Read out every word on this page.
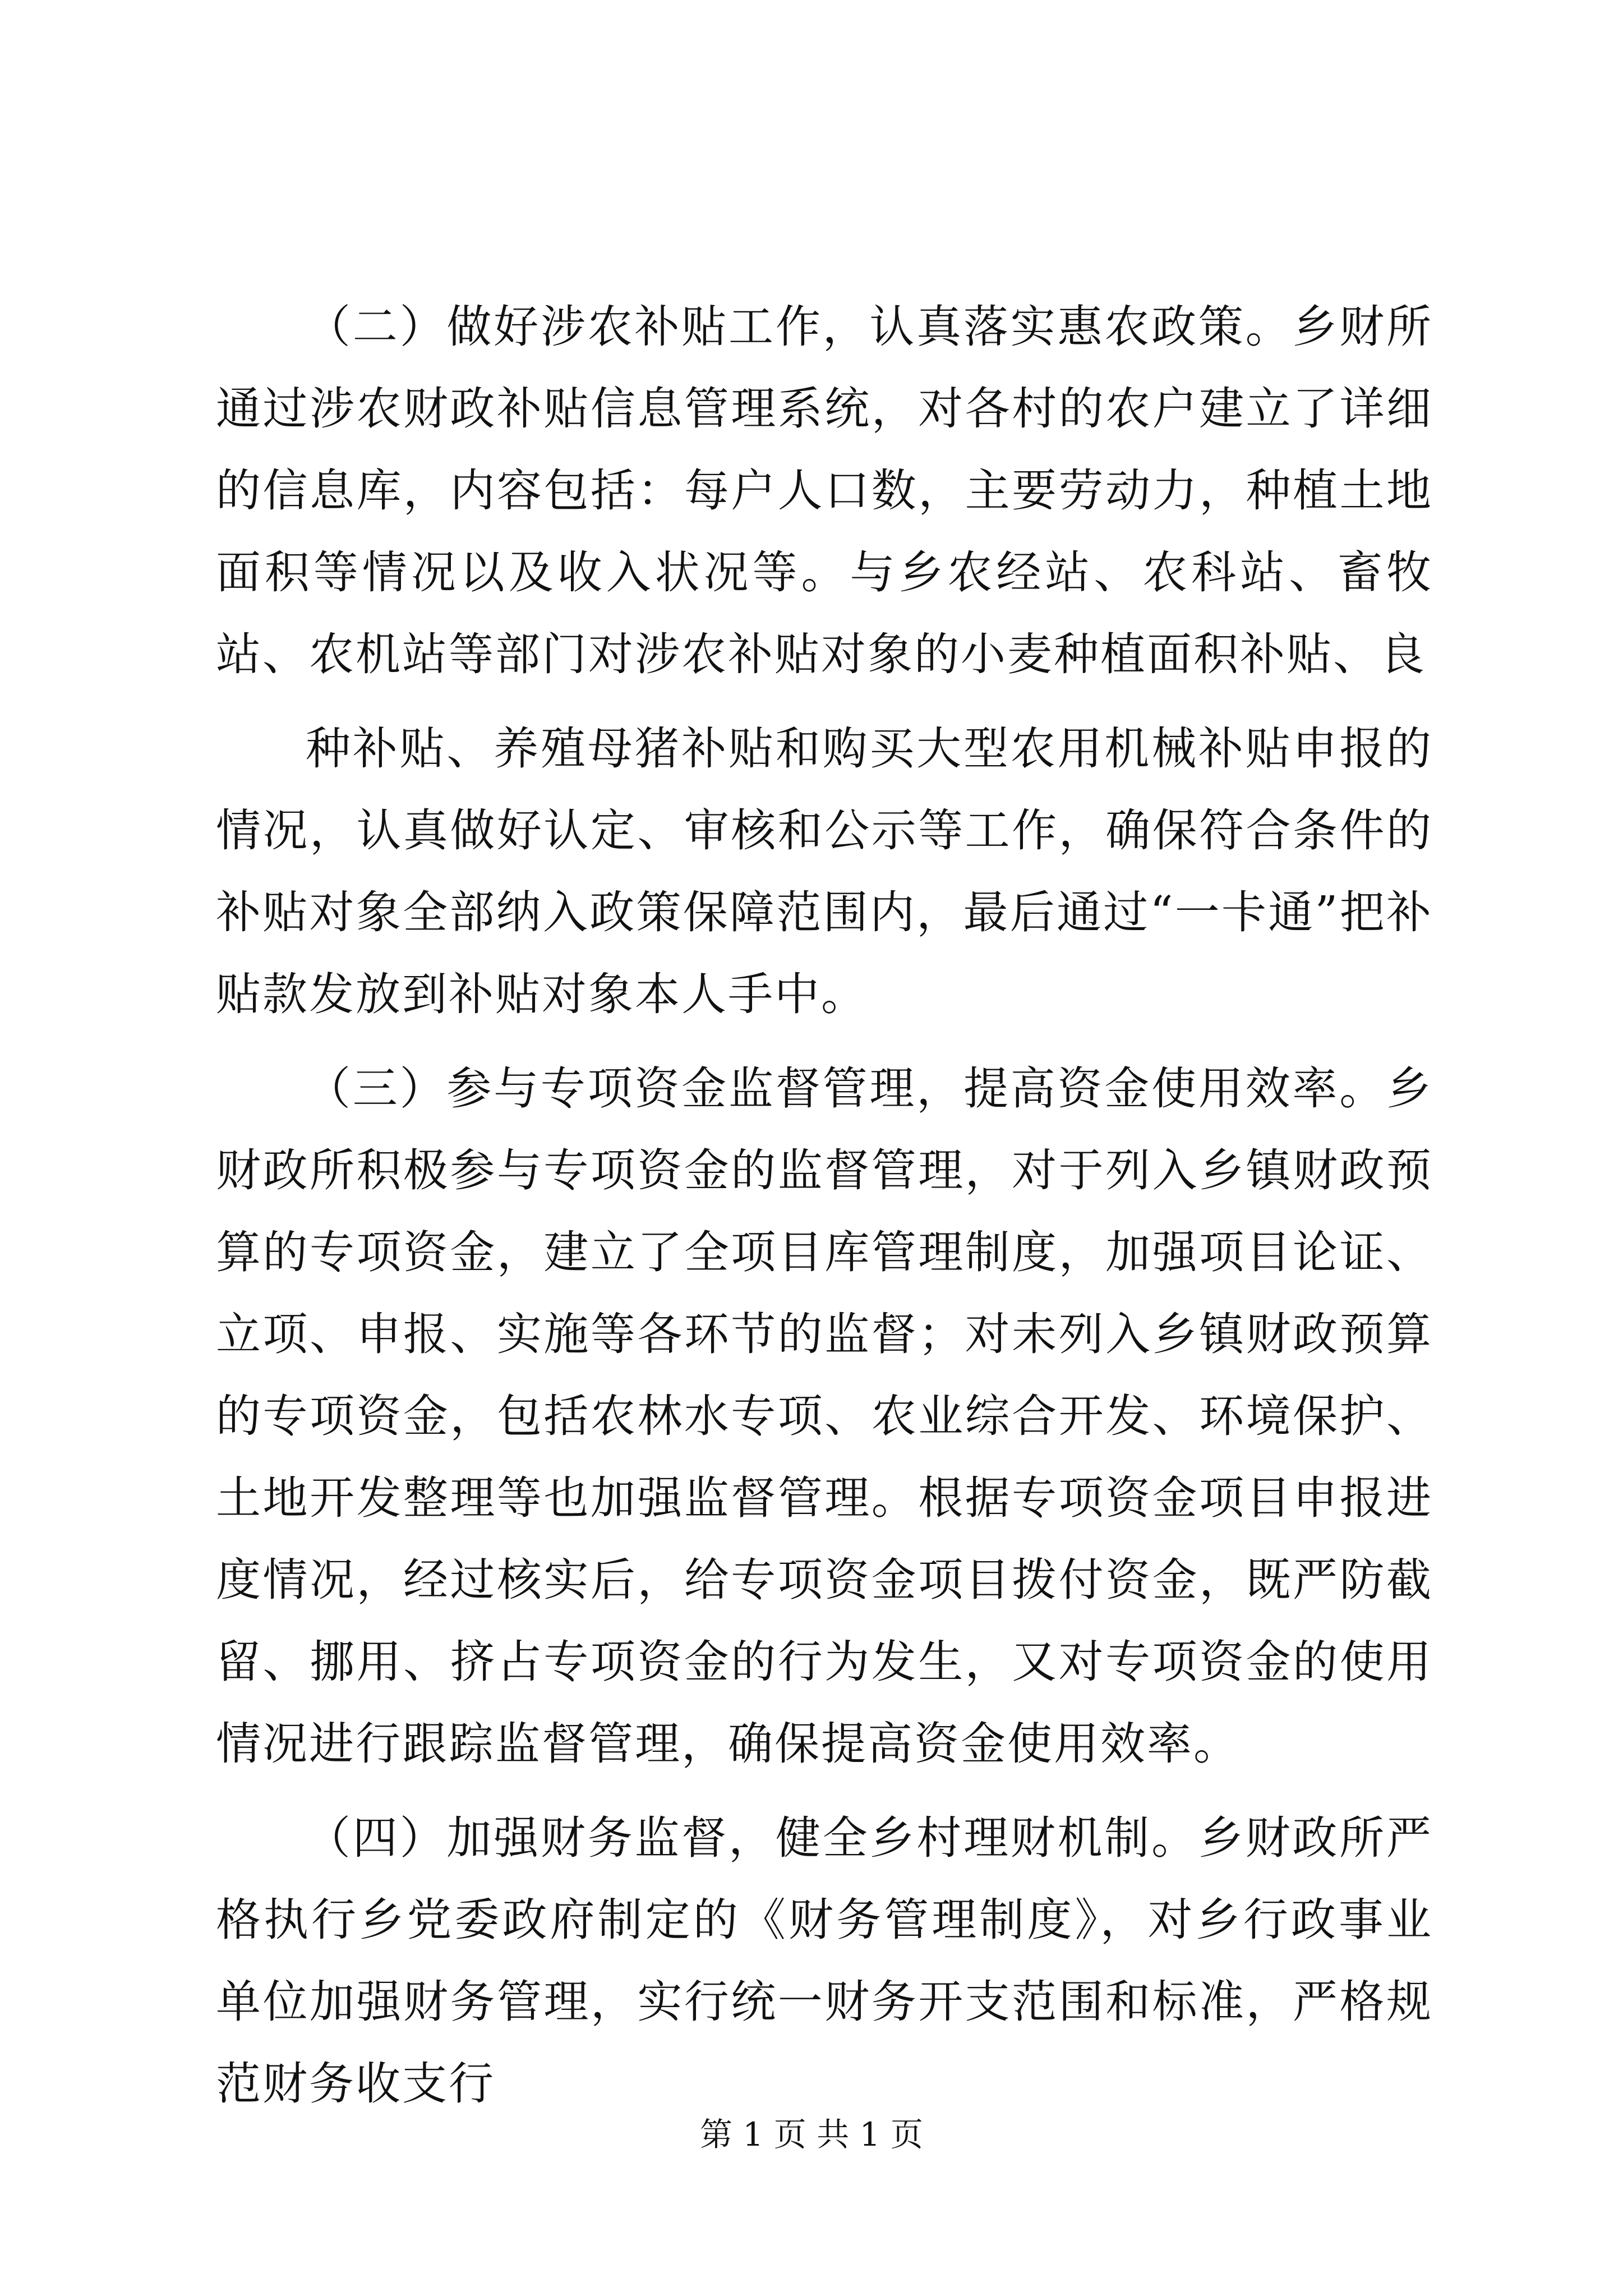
（二）做好涉农补贴工作，认真落实惠农政策。乡财所通过涉农财政补贴信息管理系统，对各村的农户建立了详细的信息库，内容包括：每户人口数，主要劳动力，种植土地面积等情况以及收入状况等。与乡农经站、农科站、畜牧站、农机站等部门对涉农补贴对象的小麦种植面积补贴、良

种补贴、养殖母猪补贴和购买大型农用机械补贴申报的情况，认真做好认定、审核和公示等工作，确保符合条件的补贴对象全部纳入政策保障范围内，最后通过“一卡通”把补贴款发放到补贴对象本人手中。

（三）参与专项资金监督管理，提高资金使用效率。乡财政所积极参与专项资金的监督管理，对于列入乡镇财政预算的专项资金，建立了全项目库管理制度，加强项目论证、立项、申报、实施等各环节的监督；对未列入乡镇财政预算的专项资金，包括农林水专项、农业综合开发、环境保护、土地开发整理等也加强监督管理。根据专项资金项目申报进度情况，经过核实后，给专项资金项目拨付资金，既严防截留、挪用、挤占专项资金的行为发生，又对专项资金的使用情况进行跟踪监督管理，确保提高资金使用效率。

（四）加强财务监督，健全乡村理财机制。乡财政所严格执行乡党委政府制定的《财务管理制度》，对乡行政事业单位加强财务管理，实行统一财务开支范围和标准，严格规范财务收支行

第 1 页 共 1 页
